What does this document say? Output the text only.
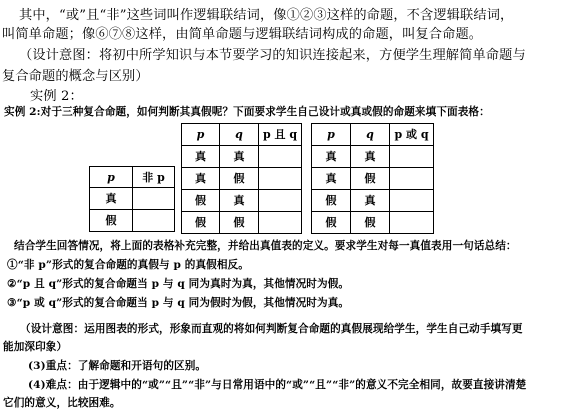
其中，“或”且“非”这些词叫作逻辑联结词，像①②③这样的命题，不含逻辑联结词，
叫简单命题；像⑥⑦⑧这样，由简单命题与逻辑联结词构成的命题，叫复合命题。
（设计意图：将初中所学知识与本节要学习的知识连接起来，方便学生理解简单命题与
复合命题的概念与区别）
实例 2：
实例 2:对于三种复合命题，如何判断其真假呢？下面要求学生自己设计或真或假的命题来填下面表格：
p	非 p
真	
假	
p	q	p 且 q
真	真	
真	假	
假	真	
假	假	
p	q	p 或 q
真	真	
真	假	
假	真	
假	假	
结合学生回答情况，将上面的表格补充完整，并给出真值表的定义。要求学生对每一真值表用一句话总结：
①“非 p”形式的复合命题的真假与 p 的真假相反。
②“p 且 q”形式的复合命题当 p 与 q 同为真时为真，其他情况时为假。
③“p 或 q”形式的复合命题当 p 与 q 同为假时为假，其他情况时为真。
（设计意图：运用图表的形式，形象而直观的将如何判断复合命题的真假展现给学生，学生自己动手填写更
能加深印象）
(3)重点：了解命题和开语句的区别。
(4)难点：由于逻辑中的“或”“且”“非”与日常用语中的“或”“且”“非”的意义不完全相同，故要直接讲清楚
它们的意义，比较困难。
